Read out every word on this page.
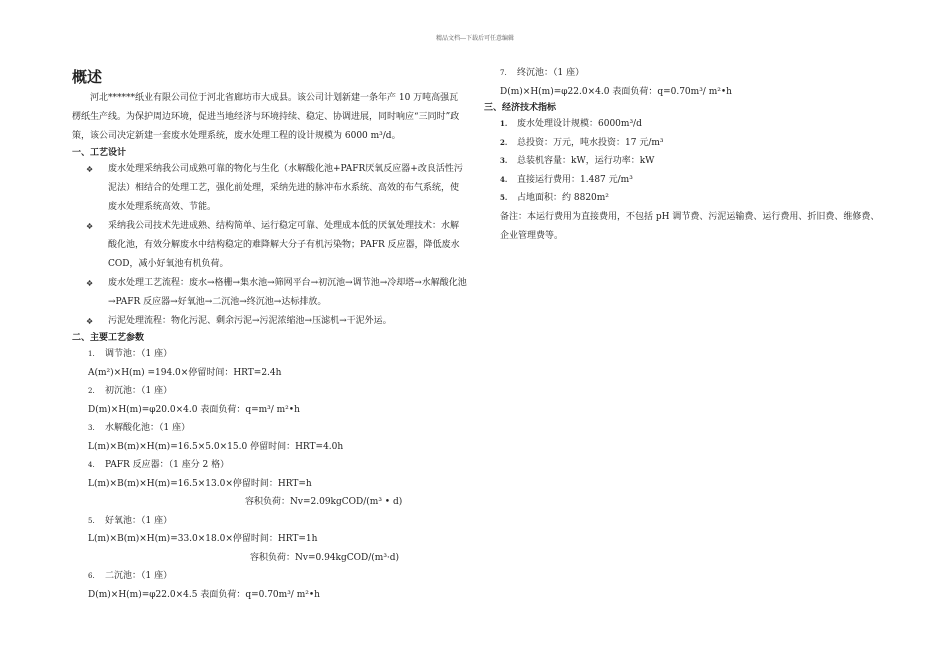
精品文档---下载后可任意编辑
概述

河北******纸业有限公司位于河北省廊坊市大成县。该公司计划新建一条年产 10 万吨高强瓦楞纸生产线。为保护周边环境，促进当地经济与环境持续、稳定、协调进展，同时响应“三同时”政策，该公司决定新建一套废水处理系统，废水处理工程的设计规模为 6000 m³/d。

一、工艺设计
❖ 废水处理采纳我公司成熟可靠的物化与生化（水解酸化池+PAFR厌氧反应器+改良活性污泥法）相结合的处理工艺，强化前处理，采纳先进的脉冲布水系统、高效的布气系统，使废水处理系统高效、节能。
❖ 采纳我公司技术先进成熟、结构简单、运行稳定可靠、处理成本低的厌氧处理技术：水解酸化池，有效分解废水中结构稳定的难降解大分子有机污染物；PAFR 反应器，降低废水 COD，减小好氧池有机负荷。
❖ 废水处理工艺流程：废水→格栅→集水池→筛网平台→初沉池→调节池→冷却塔→水解酸化池→PAFR 反应器→好氧池→二沉池→终沉池→达标排放。
❖ 污泥处理流程：物化污泥、剩余污泥→污泥浓缩池→压滤机→干泥外运。
二、主要工艺参数
1. 调节池：（1 座）
A(m²)×H(m) =194.0×停留时间：HRT=2.4h
2. 初沉池：（1 座）
D(m)×H(m)=φ20.0×4.0 表面负荷：q=m³/ m²•h
3. 水解酸化池：（1 座）
L(m)×B(m)×H(m)=16.5×5.0×15.0 停留时间：HRT=4.0h
4. PAFR 反应器：（1 座分 2 格）
L(m)×B(m)×H(m)=16.5×13.0×停留时间：HRT=h
容积负荷：Nv=2.09kgCOD/(m³ • d)
5. 好氧池：（1 座）
L(m)×B(m)×H(m)=33.0×18.0×停留时间：HRT=1h
容积负荷：Nv=0.94kgCOD/(m³·d)
6. 二沉池：（1 座）
D(m)×H(m)=φ22.0×4.5 表面负荷：q=0.70m³/ m²•h
7. 终沉池：（1 座）
D(m)×H(m)=φ22.0×4.0 表面负荷：q=0.70m³/ m²•h
三、经济技术指标
1. 废水处理设计规模：6000m³/d
2. 总投资：万元，吨水投资：17 元/m³
3. 总装机容量：kW，运行功率：kW
4. 直接运行费用：1.487 元/m³
5. 占地面积：约 8820m²

备注：本运行费用为直接费用，不包括 pH 调节费、污泥运输费、运行费用、折旧费、维修费、企业管理费等。
